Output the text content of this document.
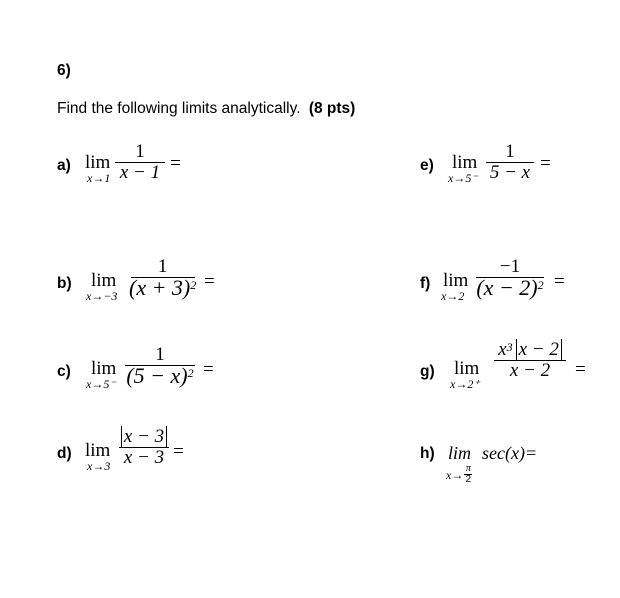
6)
Find the following limits analytically. (8 pts)
a) lim
x→1
1
x − 1 =	e) lim
x→5⁻
1
5 − x =
b) lim
x→−3
1
$(x + 3)^2$ =	f) lim
x→2
−1
$(x - 2)^2$ =
c) lim
x→5⁻
1
$(5 - x)^2$ =	g) lim
x→2⁺
$x^3$ x − 2
x − 2 =
d) lim
x→3
x − 3
x − 3 =	h) lim
x→ π
2
sec(x)=
